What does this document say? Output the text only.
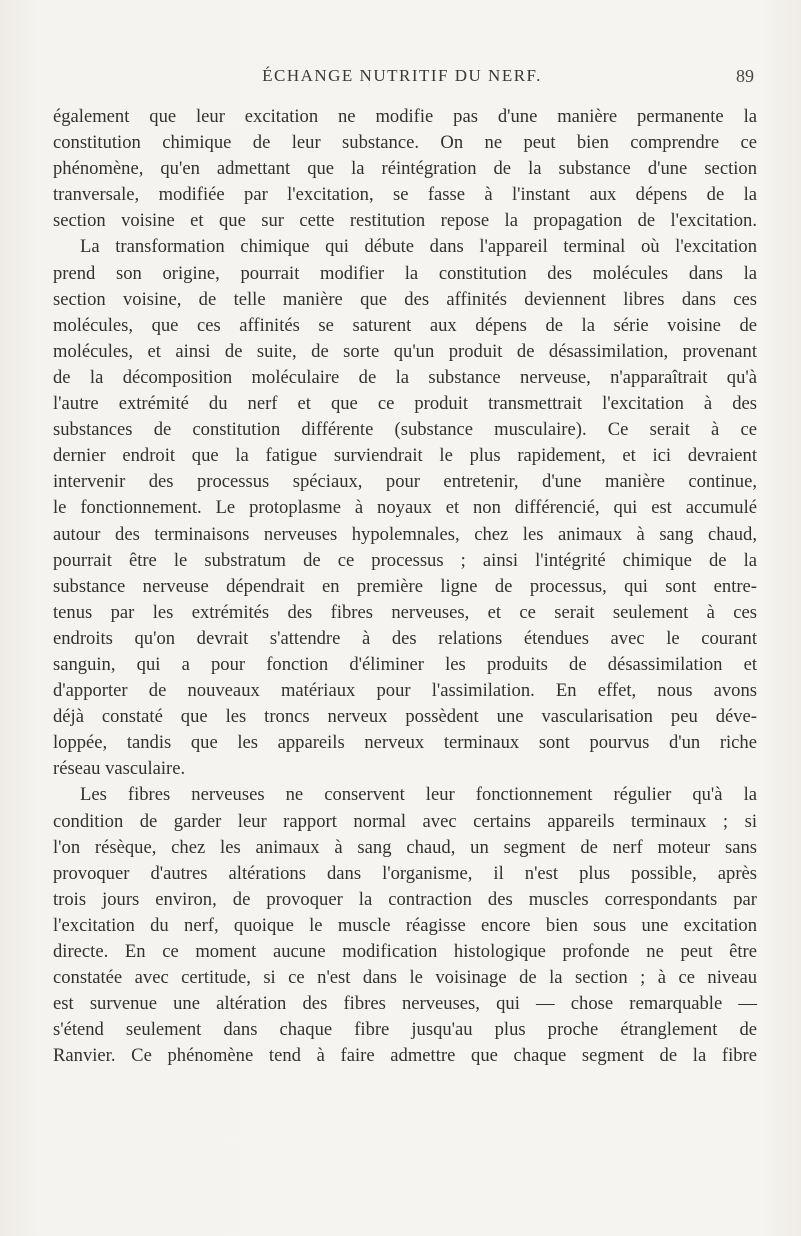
ÉCHANGE NUTRITIF DU NERF.	89
également que leur excitation ne modifie pas d'une manière permanente la
constitution chimique de leur substance. On ne peut bien comprendre ce
phénomène, qu'en admettant que la réintégration de la substance d'une section
tranversale, modifiée par l'excitation, se fasse à l'instant aux dépens de la
section voisine et que sur cette restitution repose la propagation de l'excitation.
La transformation chimique qui débute dans l'appareil terminal où l'excitation
prend son origine, pourrait modifier la constitution des molécules dans la
section voisine, de telle manière que des affinités deviennent libres dans ces
molécules, que ces affinités se saturent aux dépens de la série voisine de
molécules, et ainsi de suite, de sorte qu'un produit de désassimilation, provenant
de la décomposition moléculaire de la substance nerveuse, n'apparaîtrait qu'à
l'autre extrémité du nerf et que ce produit transmettrait l'excitation à des
substances de constitution différente (substance musculaire). Ce serait à ce
dernier endroit que la fatigue surviendrait le plus rapidement, et ici devraient
intervenir des processus spéciaux, pour entretenir, d'une manière continue,
le fonctionnement. Le protoplasme à noyaux et non différencié, qui est accumulé
autour des terminaisons nerveuses hypolemnales, chez les animaux à sang chaud,
pourrait être le substratum de ce processus ; ainsi l'intégrité chimique de la
substance nerveuse dépendrait en première ligne de processus, qui sont entre-
tenus par les extrémités des fibres nerveuses, et ce serait seulement à ces
endroits qu'on devrait s'attendre à des relations étendues avec le courant
sanguin, qui a pour fonction d'éliminer les produits de désassimilation et
d'apporter de nouveaux matériaux pour l'assimilation. En effet, nous avons
déjà constaté que les troncs nerveux possèdent une vascularisation peu déve-
loppée, tandis que les appareils nerveux terminaux sont pourvus d'un riche
réseau vasculaire.
Les fibres nerveuses ne conservent leur fonctionnement régulier qu'à la
condition de garder leur rapport normal avec certains appareils terminaux ; si
l'on résèque, chez les animaux à sang chaud, un segment de nerf moteur sans
provoquer d'autres altérations dans l'organisme, il n'est plus possible, après
trois jours environ, de provoquer la contraction des muscles correspondants par
l'excitation du nerf, quoique le muscle réagisse encore bien sous une excitation
directe. En ce moment aucune modification histologique profonde ne peut être
constatée avec certitude, si ce n'est dans le voisinage de la section ; à ce niveau
est survenue une altération des fibres nerveuses, qui — chose remarquable —
s'étend seulement dans chaque fibre jusqu'au plus proche étranglement de
Ranvier. Ce phénomène tend à faire admettre que chaque segment de la fibre
